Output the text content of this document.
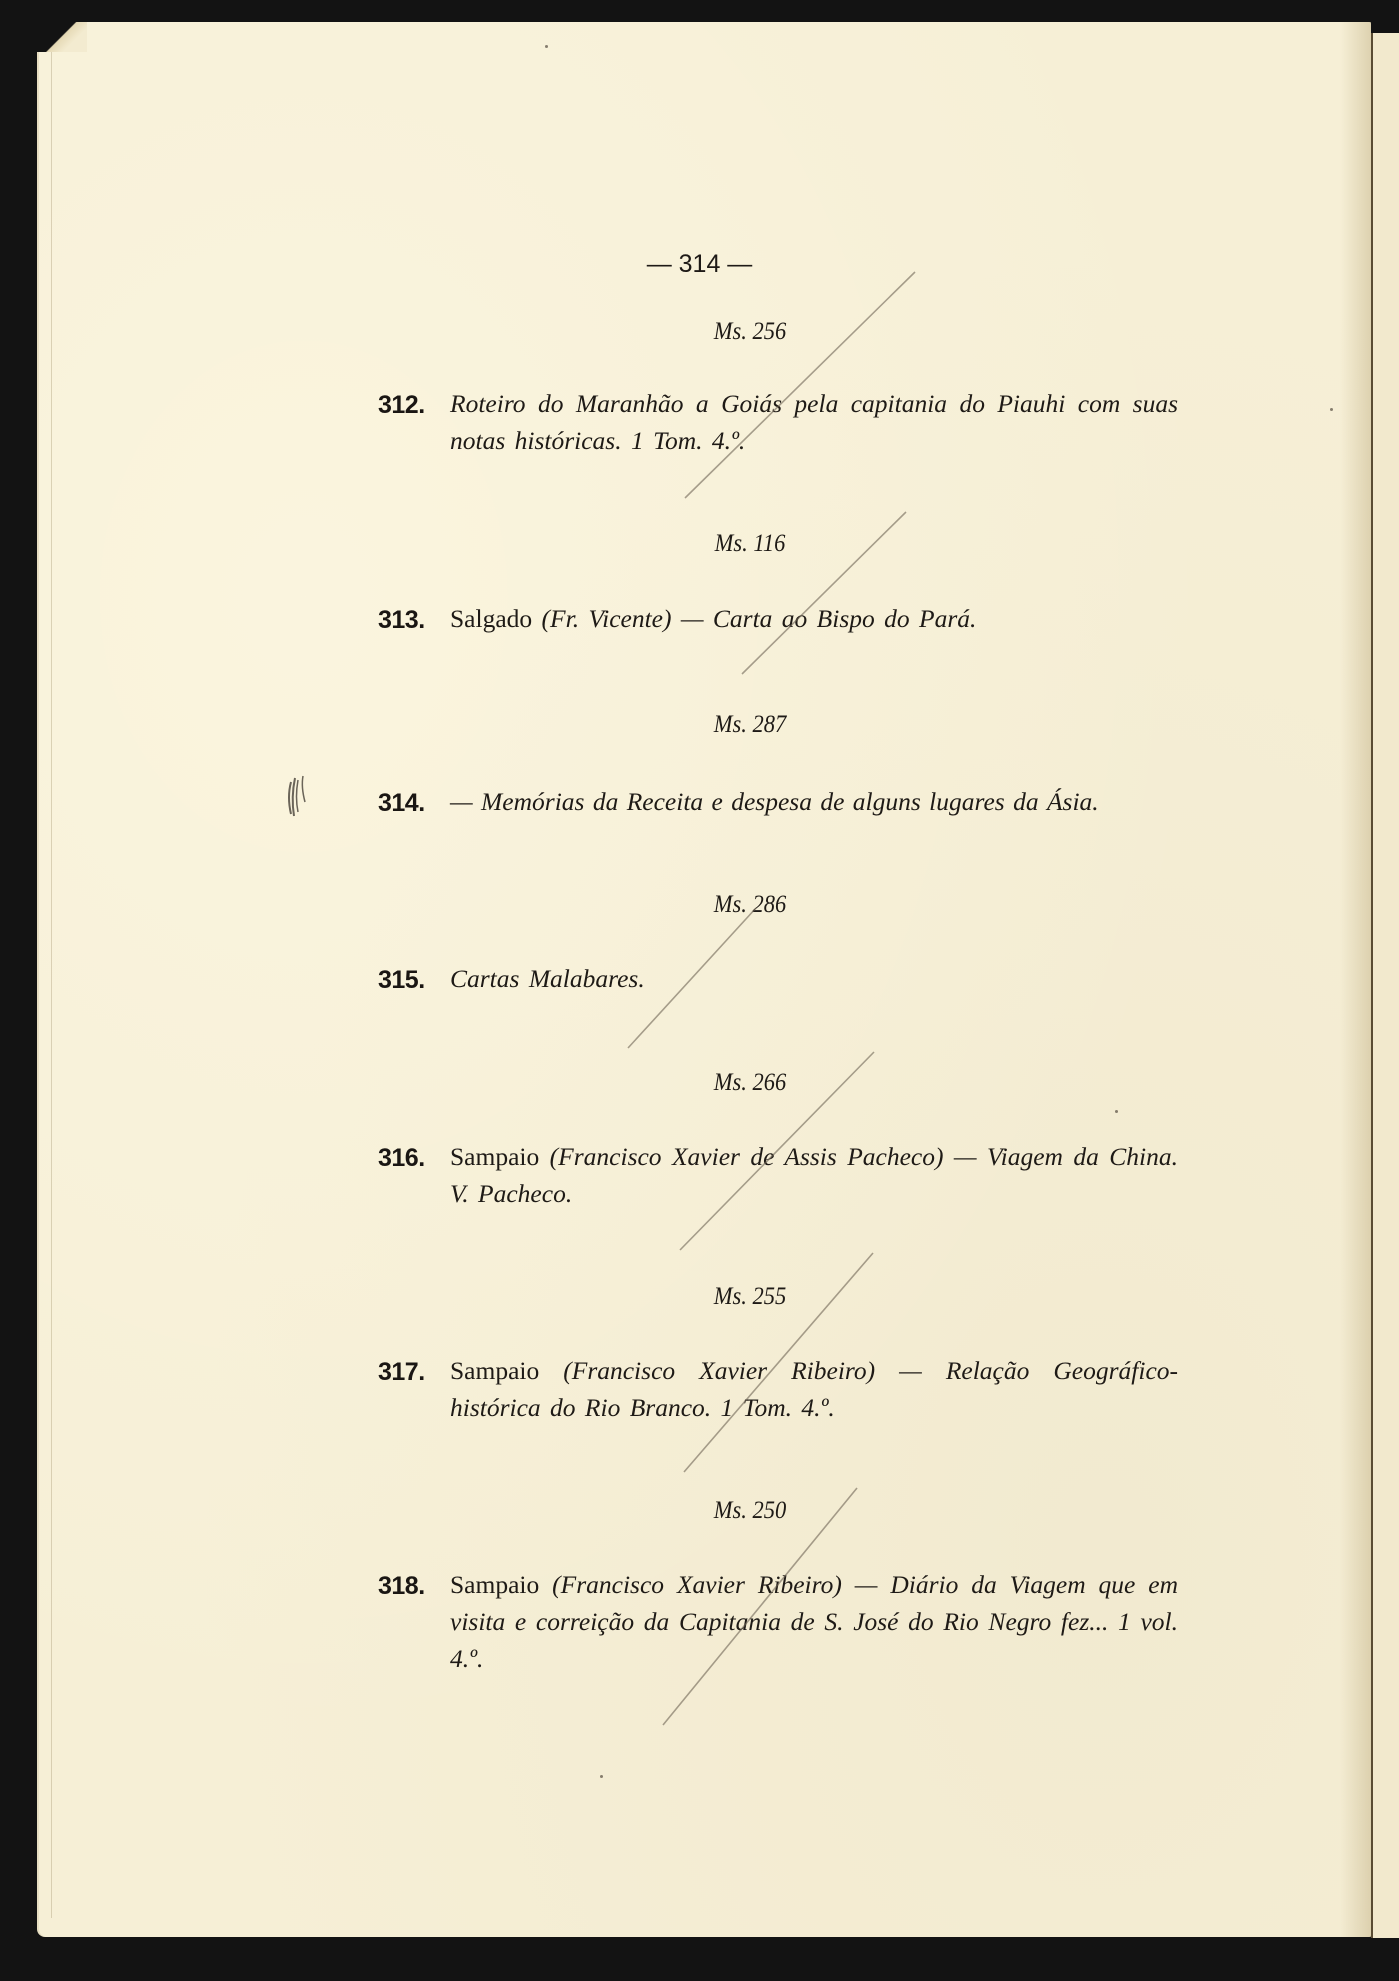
— 314 —
Ms. 256
312. Roteiro do Maranhão a Goiás pela capitania do Piauhi com suas notas históricas. 1 Tom. 4.º.
Ms. 116
313. Salgado (Fr. Vicente) — Carta ao Bispo do Pará.
Ms. 287
314. — Memórias da Receita e despesa de alguns lugares da Ásia.
Ms. 286
315. Cartas Malabares.
Ms. 266
316. Sampaio (Francisco Xavier de Assis Pacheco) — Viagem da China. V. Pacheco.
Ms. 255
317. Sampaio (Francisco Xavier Ribeiro) — Relação Geográfico-histórica do Rio Branco. 1 Tom. 4.º.
Ms. 250
318. Sampaio (Francisco Xavier Ribeiro) — Diário da Viagem que em visita e correição da Capitania de S. José do Rio Negro fez... 1 vol. 4.º.
